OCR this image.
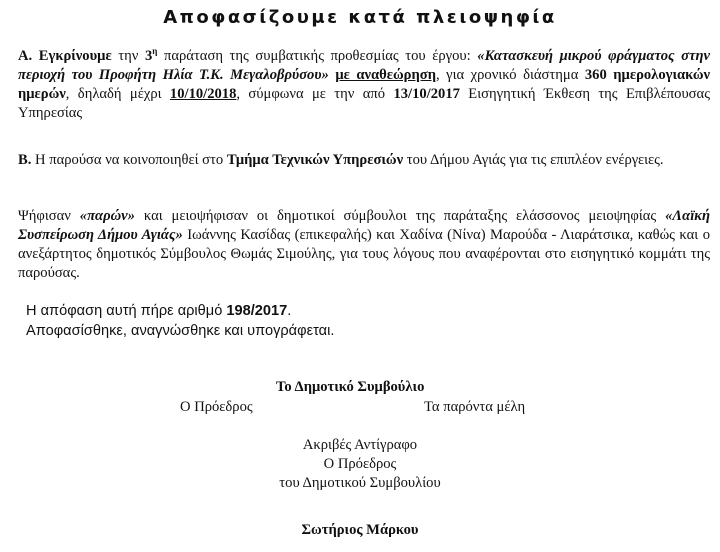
Αποφασίζουμε κατά πλειοψηφία
Α. Εγκρίνουμε την $3^\eta$ παράταση της συμβατικής προθεσμίας του έργου: «Κατασκευή μικρού φράγματος στην περιοχή του Προφήτη Ηλία Τ.Κ. Μεγαλοβρύσου» με αναθεώρηση, για χρονικό διάστημα 360 ημερολογιακών ημερών, δηλαδή μέχρι 10/10/2018, σύμφωνα με την από 13/10/2017 Εισηγητική Έκθεση της Επιβλέπουσας Υπηρεσίας
Β. Η παρούσα να κοινοποιηθεί στο Τμήμα Τεχνικών Υπηρεσιών του Δήμου Αγιάς για τις επιπλέον ενέργειες.
Ψήφισαν «παρών» και μειοψήφισαν οι δημοτικοί σύμβουλοι της παράταξης ελάσσονος μειοψηφίας «Λαϊκή Συσπείρωση Δήμου Αγιάς» Ιωάννης Κασίδας (επικεφαλής) και Χαδίνα (Νίνα) Μαρούδα - Λιαράτσικα, καθώς και ο ανεξάρτητος δημοτικός Σύμβουλος Θωμάς Σιμούλης, για τους λόγους που αναφέρονται στο εισηγητικό κομμάτι της παρούσας.
Η απόφαση αυτή πήρε αριθμό 198/2017.
Αποφασίσθηκε, αναγνώσθηκε και υπογράφεται.
Το Δημοτικό Συμβούλιο
Ο Πρόεδρος	Τα παρόντα μέλη
Ακριβές Αντίγραφο
Ο Πρόεδρος
του Δημοτικού Συμβουλίου
Σωτήριος Μάρκου
